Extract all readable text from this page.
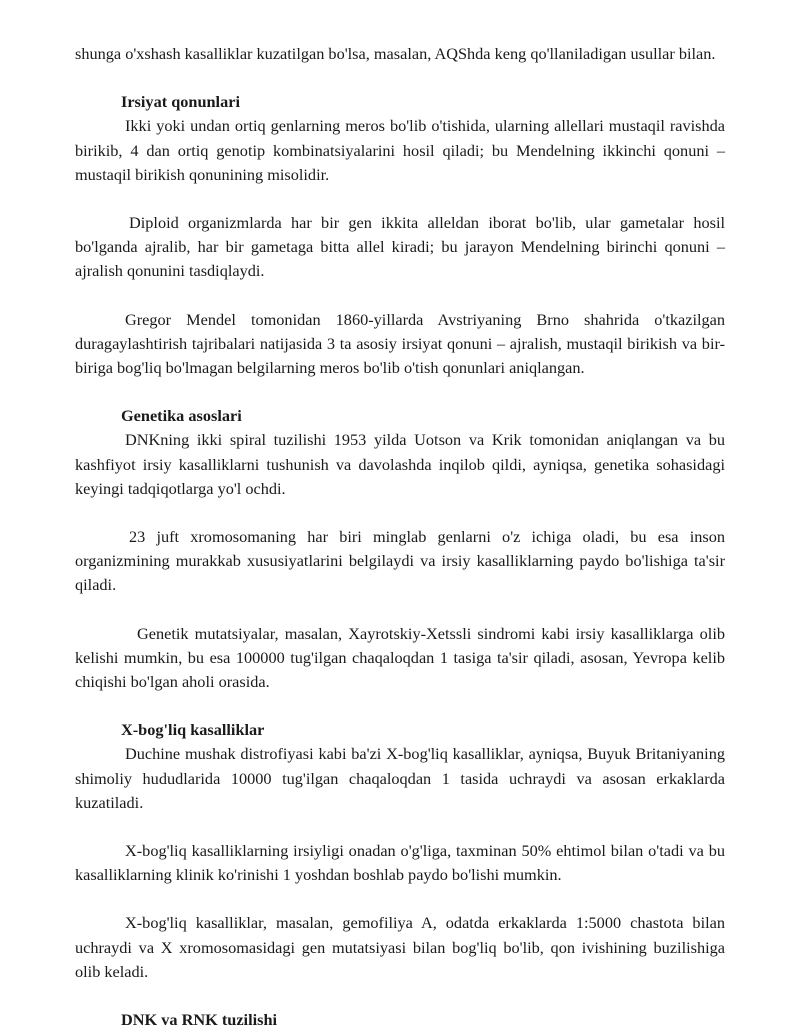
shunga o'xshash kasalliklar kuzatilgan bo'lsa, masalan, AQShda keng qo'llaniladigan usullar bilan.

Irsiyat qonunlari

Ikki yoki undan ortiq genlarning meros bo'lib o'tishida, ularning allellari mustaqil ravishda birikib, 4 dan ortiq genotip kombinatsiyalarini hosil qiladi; bu Mendelning ikkinchi qonuni – mustaqil birikish qonunining misolidir.

Diploid organizmlarda har bir gen ikkita alleldan iborat bo'lib, ular gametalar hosil bo'lganda ajralib, har bir gametaga bitta allel kiradi; bu jarayon Mendelning birinchi qonuni – ajralish qonunini tasdiqlaydi.

Gregor Mendel tomonidan 1860-yillarda Avstriyaning Brno shahrida o'tkazilgan duragaylashtirish tajribalari natijasida 3 ta asosiy irsiyat qonuni – ajralish, mustaqil birikish va bir-biriga bog'liq bo'lmagan belgilarning meros bo'lib o'tish qonunlari aniqlangan.

Genetika asoslari

DNKning ikki spiral tuzilishi 1953 yilda Uotson va Krik tomonidan aniqlangan va bu kashfiyot irsiy kasalliklarni tushunish va davolashda inqilob qildi, ayniqsa, genetika sohasidagi keyingi tadqiqotlarga yo'l ochdi.

23 juft xromosomaning har biri minglab genlarni o'z ichiga oladi, bu esa inson organizmining murakkab xususiyatlarini belgilaydi va irsiy kasalliklarning paydo bo'lishiga ta'sir qiladi.

Genetik mutatsiyalar, masalan, Xayrotskiy-Xetssli sindromi kabi irsiy kasalliklarga olib kelishi mumkin, bu esa 100000 tug'ilgan chaqaloqdan 1 tasiga ta'sir qiladi, asosan, Yevropa kelib chiqishi bo'lgan aholi orasida.

X-bog'liq kasalliklar

Duchine mushak distrofiyasi kabi ba'zi X-bog'liq kasalliklar, ayniqsa, Buyuk Britaniyaning shimoliy hududlarida 10000 tug'ilgan chaqaloqdan 1 tasida uchraydi va asosan erkaklarda kuzatiladi.

X-bog'liq kasalliklarning irsiyligi onadan o'g'liga, taxminan 50% ehtimol bilan o'tadi va bu kasalliklarning klinik ko'rinishi 1 yoshdan boshlab paydo bo'lishi mumkin.

X-bog'liq kasalliklar, masalan, gemofiliya A, odatda erkaklarda 1:5000 chastota bilan uchraydi va X xromosomasidagi gen mutatsiyasi bilan bog'liq bo'lib, qon ivishining buzilishiga olib keladi.

DNK va RNK tuzilishi
